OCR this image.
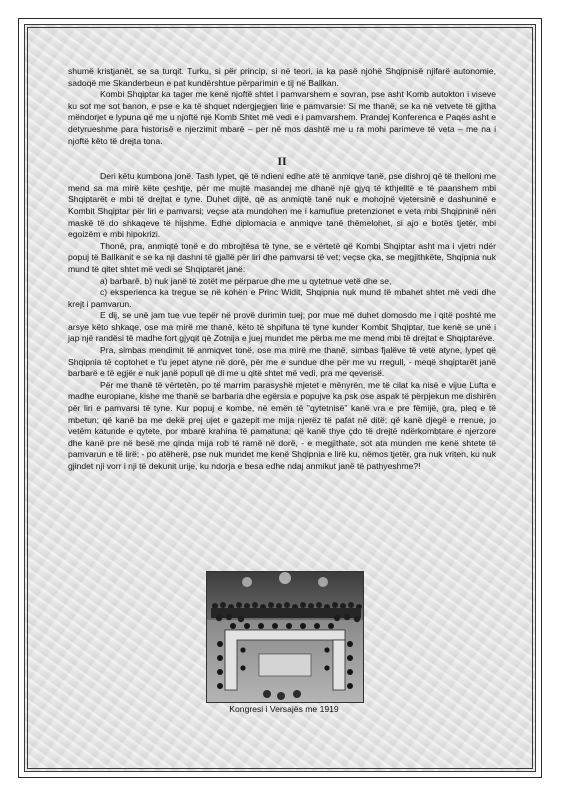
shumë kristjanët, se sa turqit. Turku, si për princip, si në teori, ia ka pasë njohë Shqipnisë njifarë autonomie, sadoqë me Skanderbeun e pat kundërshtue përparimin e tij në Ballkan.

Kombi Shqiptar ka tager me kenë njoftë shtet i pamvarshem e sovran, pse asht Komb autokton i viseve ku sot me sot banon, e pse e ka të shquet ndergjegjen lirie e pamvarsie: Si me thanë, se ka në vetvete të gjitha mëndorjet e lypuna që me u njoftë një Komb Shtet më vedi e i pamvarshem. Prandej Konferenca e Paqës asht e detyrueshme para historisë e njerzimit mbarë – per në mos dashtë me u ra mohi parimeve të veta – me na i njoftë këto të drejta tona.

II

Deri këtu kumbona jonë. Tash lypet, që të ndieni edhe atë të anmiqve tanë, pse dishroj që të thelloni me mend sa ma mirë këte çeshtje, për me mujtë masandej me dhanë një gjyq të kthjelltë e të paanshem mbi Shqiptarët e mbi të drejtat e tyne. Duhet dijtë, që as anmiqtë tanë nuk e mohojnë vjetersinë e dashuninë e Kombit Shqiptar për liri e pamvarsi; veçse ata mundohen me i kamufiue pretenzionet e veta mbi Shqipninë nën maskë të do shkaqeve të hijshme. Edhe diplomacia e anmiqve tanë thëmelohet, si ajo e botës tjetër, mbi egoizëm e mbi hipokrizi.

Thonë, pra, anmiqtë tonë e do mbrojtësa të tyne, se e vërtetë që Kombi Shqiptar asht ma i vjetri ndër popuj të Ballkanit e se ka nji dashni të gjallë për liri dhe pamvarsi të vet; veçse çka, se megjithkëte, Shqipnia nuk mund të qitet shtet më vedi se Shqiptarët janë:

a) barbarë, b) nuk janë të zotët me përparue dhe me u qytetnue vetë dhe se,

c) eksperienca ka tregue se në kohën e Princ Widit, Shqipnia nuk mund të mbahet shtet më vedi dhe krejt i pamvarun.

E dij, se unë jam tue vue tepër në provë durimin tuej; por mue më duhet domosdo me i qitë poshtë me arsye këto shkaqe, ose ma mirë me thanë, këto të shpifuna të tyne kunder Kombit Shqiptar, tue kenë se unë i jap një randësi të madhe fort gjyqit që Zotnija e juej mundet me përba me me mend mbi të drejtat e Shqiptarëve.

Pra, simbas mendimit të anmiqvet tonë, ose ma mirë me thanë, simbas fjalëve të vetë atyne, lypet që Shqipnia të coptohet e t'u jepet atyne në dorë, për me e sundue dhe për me vu rregull, - meqë shqiptarët janë barbarë e të egjër e nuk janë popull që di me u qitë shtet më vedi, pra me qeverisë.

Për me thanë të vërtetën, po të marrim parasyshë mjetet e mënyrën, me të cilat ka nisë e vijue Lufta e madhe europiane, kishe me thanë se barbaria dhe egërsia e popujve ka psk ose aspak të përpjekun me dishirën për liri e pamvarsi të tyne. Kur popuj e kombe, në emën të "qytetnisë" kanë vra e pre fëmijë, gra, pleq e të mbetun; që kanë ba me dekë prej ujet e gazepit me mija njerëz të pafat në ditë; që kanë djegë e rrenue, jo vetëm katunde e qytete, por mbarë krahina të pamatuna; që kanë thye çdo të drejtë ndërkombtare e njerzore dhe kanë pre në besë me qinda mija rob të ramë në dorë, - e megjithate, sot ata munden me kenë shtete të pamvarun e të lirë; - po atëherë, pse nuk mundet me kenë Shqipnia e lirë ku, nëmos tjetër, gra nuk vriten, ku nuk gjindet nji vorr i nji të dekunit urije, ku ndorja e besa edhe ndaj anmikut janë të pathyeshme?!

Kongresi i Versajës me 1919
